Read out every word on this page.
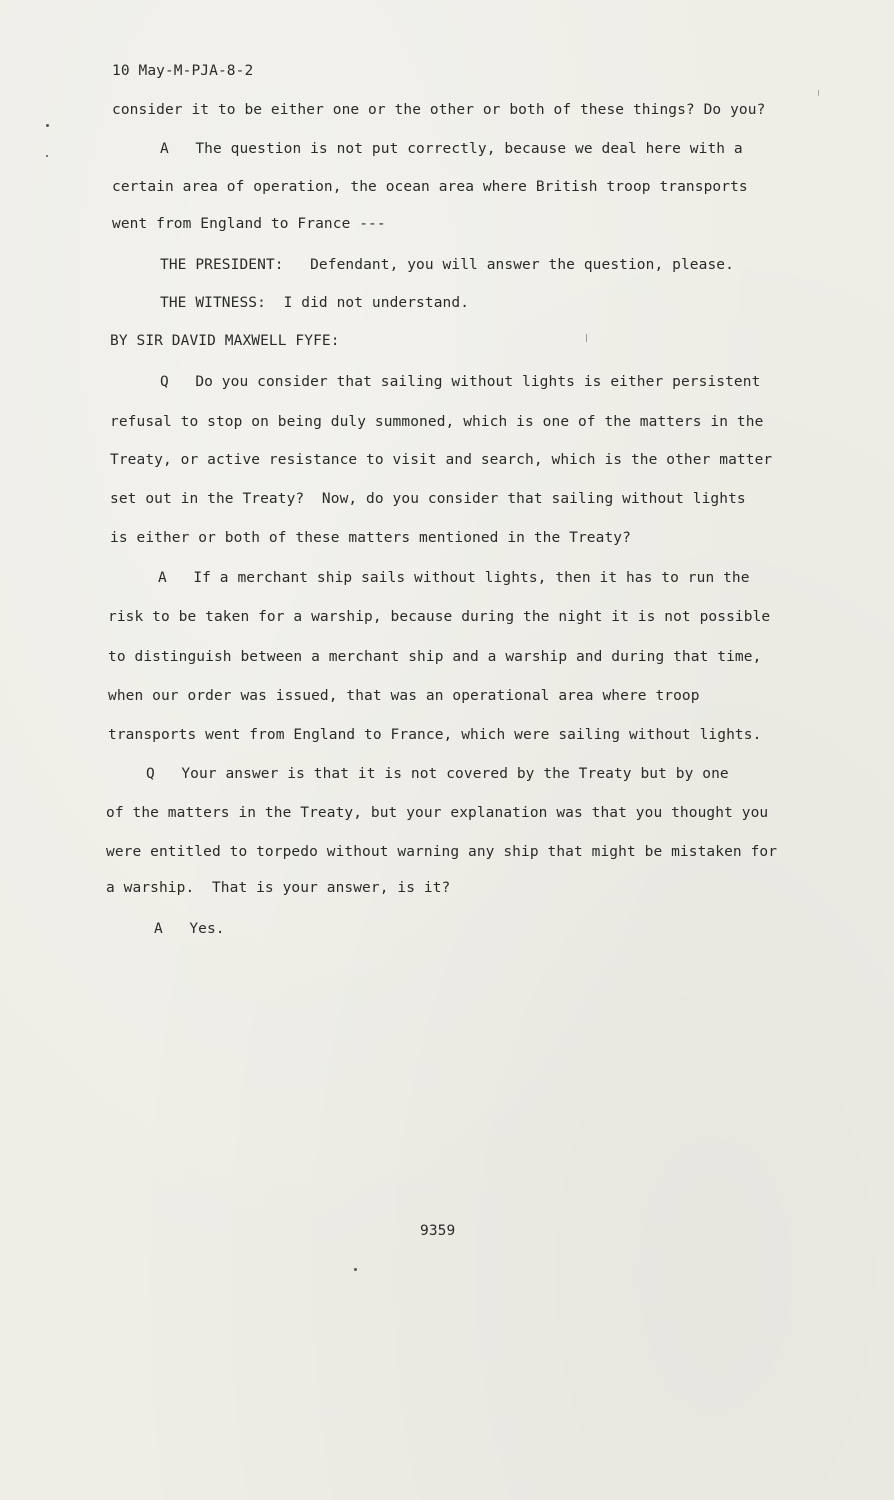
10 May-M-PJA-8-2
consider it to be either one or the other or both of these things? Do you?
A   The question is not put correctly, because we deal here with a
certain area of operation, the ocean area where British troop transports
went from England to France ---
THE PRESIDENT:   Defendant, you will answer the question, please.
THE WITNESS:  I did not understand.
BY SIR DAVID MAXWELL FYFE:
Q   Do you consider that sailing without lights is either persistent
refusal to stop on being duly summoned, which is one of the matters in the
Treaty, or active resistance to visit and search, which is the other matter
set out in the Treaty?  Now, do you consider that sailing without lights
is either or both of these matters mentioned in the Treaty?
A   If a merchant ship sails without lights, then it has to run the
risk to be taken for a warship, because during the night it is not possible
to distinguish between a merchant ship and a warship and during that time,
when our order was issued, that was an operational area where troop
transports went from England to France, which were sailing without lights.
Q   Your answer is that it is not covered by the Treaty but by one
of the matters in the Treaty, but your explanation was that you thought you
were entitled to torpedo without warning any ship that might be mistaken for
a warship.  That is your answer, is it?
A   Yes.
9359
